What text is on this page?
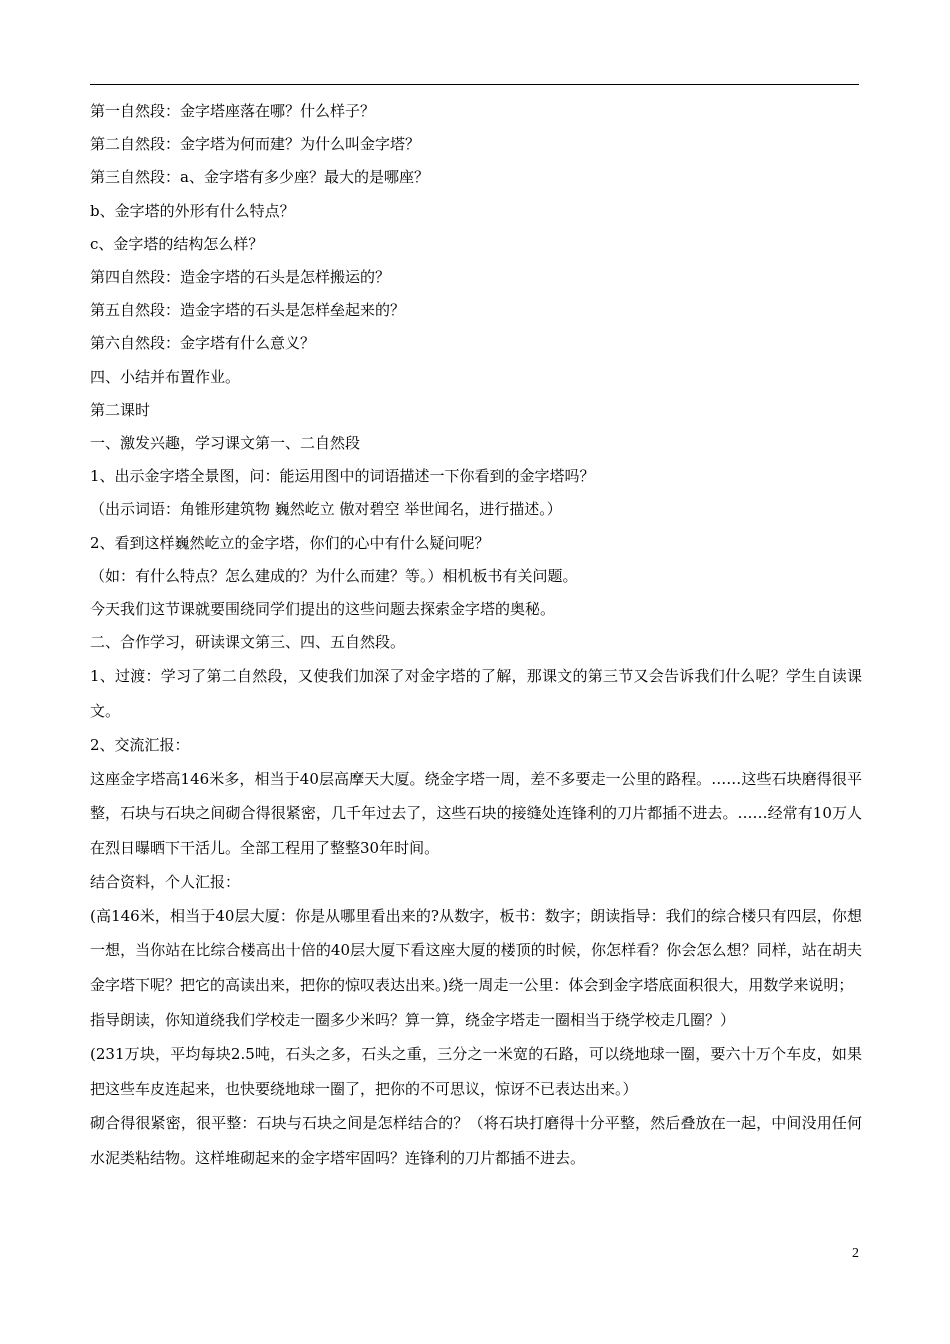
第一自然段：金字塔座落在哪？什么样子？

第二自然段：金字塔为何而建？为什么叫金字塔？

第三自然段：a、金字塔有多少座？最大的是哪座？

b、金字塔的外形有什么特点？

c、金字塔的结构怎么样？

第四自然段：造金字塔的石头是怎样搬运的？

第五自然段：造金字塔的石头是怎样垒起来的？

第六自然段：金字塔有什么意义？

四、小结并布置作业。

第二课时

一、激发兴趣，学习课文第一、二自然段

1、出示金字塔全景图，问：能运用图中的词语描述一下你看到的金字塔吗？

（出示词语：角锥形建筑物 巍然屹立 傲对碧空 举世闻名，进行描述。）

2、看到这样巍然屹立的金字塔，你们的心中有什么疑问呢？

（如：有什么特点？怎么建成的？为什么而建？等。）相机板书有关问题。

今天我们这节课就要围绕同学们提出的这些问题去探索金字塔的奥秘。

二、合作学习，研读课文第三、四、五自然段。

1、过渡：学习了第二自然段，又使我们加深了对金字塔的了解，那课文的第三节又会告诉我们什么呢？学生自读课文。

2、交流汇报：

这座金字塔高146米多，相当于40层高摩天大厦。绕金字塔一周，差不多要走一公里的路程。……这些石块磨得很平整，石块与石块之间砌合得很紧密，几千年过去了，这些石块的接缝处连锋利的刀片都插不进去。……经常有10万人在烈日曝晒下干活儿。全部工程用了整整30年时间。

结合资料，个人汇报：

(高146米，相当于40层大厦：你是从哪里看出来的?从数字，板书：数字；朗读指导：我们的综合楼只有四层，你想一想，当你站在比综合楼高出十倍的40层大厦下看这座大厦的楼顶的时候，你怎样看？你会怎么想？同样，站在胡夫金字塔下呢？把它的高读出来，把你的惊叹表达出来。)绕一周走一公里：体会到金字塔底面积很大，用数学来说明；

指导朗读，你知道绕我们学校走一圈多少米吗？算一算，绕金字塔走一圈相当于绕学校走几圈？）

(231万块，平均每块2.5吨，石头之多，石头之重，三分之一米宽的石路，可以绕地球一圈，要六十万个车皮，如果把这些车皮连起来，也快要绕地球一圈了，把你的不可思议，惊讶不已表达出来。）

砌合得很紧密，很平整：石块与石块之间是怎样结合的？（将石块打磨得十分平整，然后叠放在一起，中间没用任何水泥类粘结物。这样堆砌起来的金字塔牢固吗？连锋利的刀片都插不进去。

2
